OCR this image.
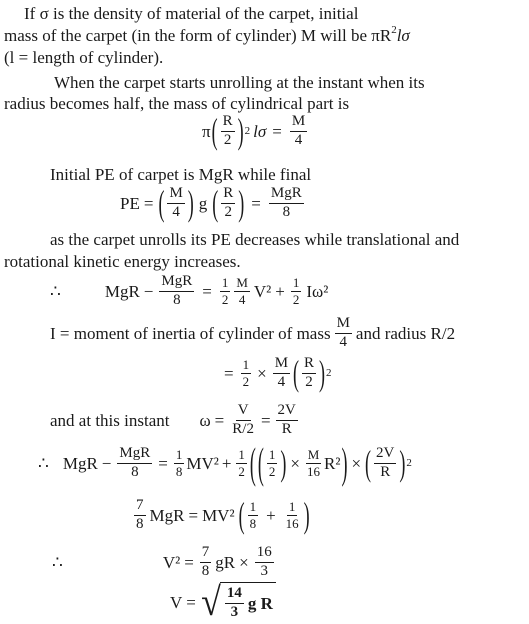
If σ is the density of material of the carpet, initial
mass of the carpet (in the form of cylinder) M will be $\pi R^2l\sigma$
(l = length of cylinder).
When the carpet starts unrolling at the instant when its
radius becomes half, the mass of cylindrical part is
π ( R
2 ) 2 $l\sigma = \frac{M}{4}$
Initial PE of carpet is MgR while final
PE = ( M
4 ) g ( R
2 ) =
MgR
8
as the carpet unrolls its PE decreases while translational and
rotational kinetic energy increases.
∴	MgR −
MgR
$8 = \frac{1}{2}$ M
4 $V^2 + \frac{1}{2} I\omega^2$
I = moment of inertia of cylinder of mass
M
4 and radius R/2
= $\frac{1}{2} \times \frac{M}{4}$ ( R
2 ) 2
and at this instant $\omega = \frac{V}{R/2} = \frac{2V}{R}$
∴ MgR −
MgR
$8 = \frac{1}{8} MV^2 + \frac{1}{2}$ ( ( 1
2 ) × $\frac{M}{16} R^2$ ) × ( 2V
R ) 2
7
8 MgR = MV² ( 1
$8 + \frac{1}{16}$ )
∴	$V^2 = \frac{7}{8}$ gR × $\frac{16}{3}$
V = √ 14
3 g R
